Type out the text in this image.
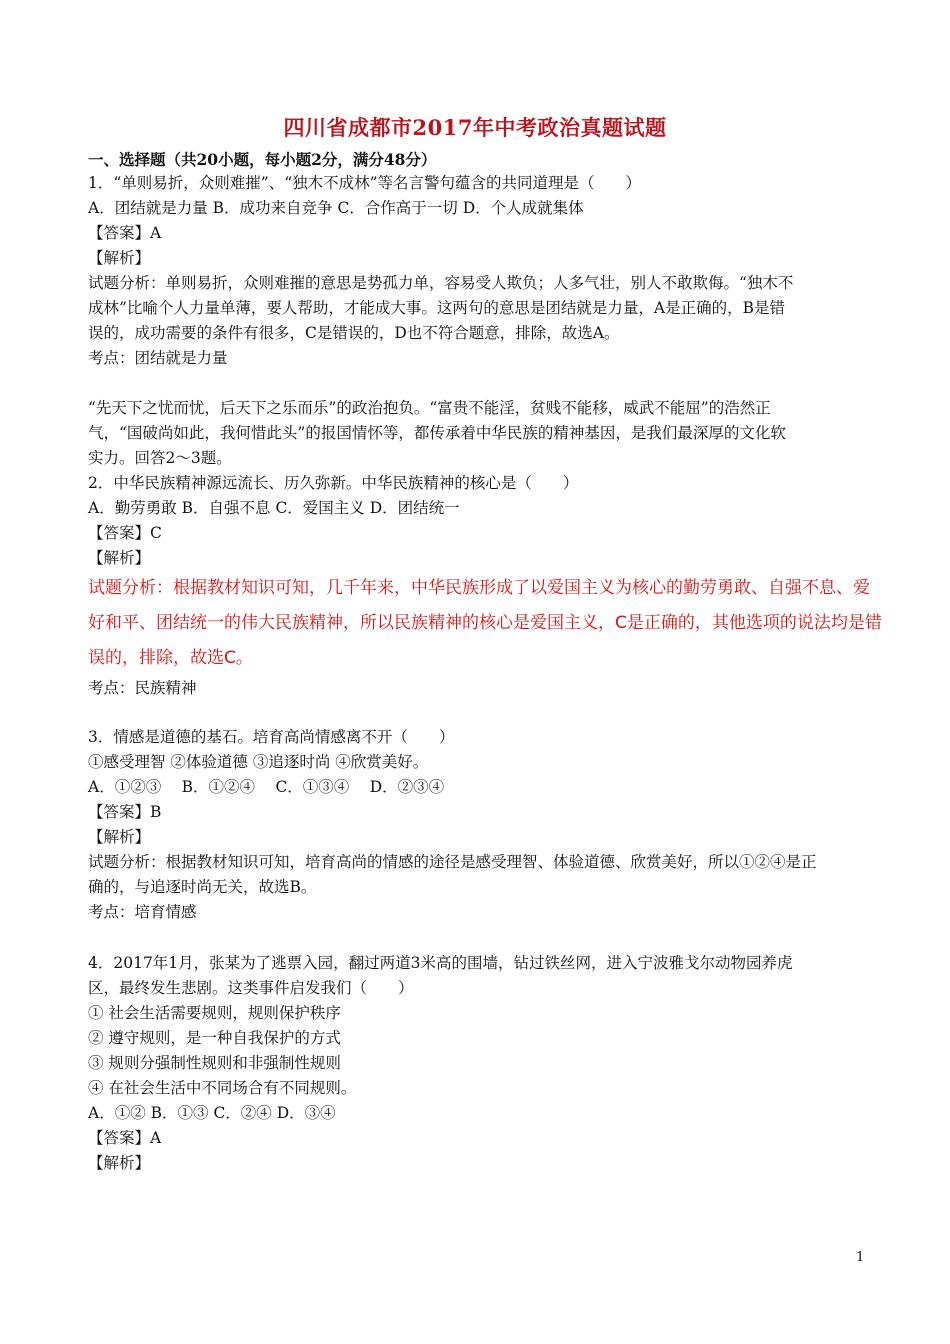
四川省成都市2017年中考政治真题试题
一、选择题（共20小题，每小题2分，满分48分）
1．“单则易折，众则难摧”、“独木不成林”等名言警句蕴含的共同道理是（　　）
A．团结就是力量 B．成功来自竞争 C．合作高于一切 D．个人成就集体
【答案】A
【解析】
试题分析：单则易折，众则难摧的意思是势孤力单，容易受人欺负；人多气壮，别人不敢欺侮。“独木不
成林”比喻个人力量单薄，要人帮助，才能成大事。这两句的意思是团结就是力量，A是正确的，B是错
误的，成功需要的条件有很多，C是错误的，D也不符合题意，排除，故选A。
考点：团结就是力量
“先天下之忧而忧，后天下之乐而乐”的政治抱负。“富贵不能淫，贫贱不能移，威武不能屈”的浩然正
气，“国破尚如此，我何惜此头”的报国情怀等，都传承着中华民族的精神基因，是我们最深厚的文化软
实力。回答2～3题。
2．中华民族精神源远流长、历久弥新。中华民族精神的核心是（　　）
A．勤劳勇敢 B．自强不息 C．爱国主义 D．团结统一
【答案】C
【解析】
试题分析：根据教材知识可知，几千年来，中华民族形成了以爱国主义为核心的勤劳勇敢、自强不息、爱
好和平、团结统一的伟大民族精神，所以民族精神的核心是爱国主义，C是正确的，其他选项的说法均是错
误的，排除，故选C。
考点：民族精神
3．情感是道德的基石。培育高尚情感离不开（　　）
①感受理智 ②体验道德 ③追逐时尚 ④欣赏美好。
A．①②③　 B．①②④　 C．①③④　 D．②③④
【答案】B
【解析】
试题分析：根据教材知识可知，培育高尚的情感的途径是感受理智、体验道德、欣赏美好，所以①②④是正
确的，与追逐时尚无关，故选B。
考点：培育情感
4．2017年1月，张某为了逃票入园，翻过两道3米高的围墙，钻过铁丝网，进入宁波雅戈尔动物园养虎
区，最终发生悲剧。这类事件启发我们（　　）
① 社会生活需要规则，规则保护秩序
② 遵守规则，是一种自我保护的方式
③ 规则分强制性规则和非强制性规则
④ 在社会生活中不同场合有不同规则。
A．①② B．①③ C．②④ D．③④
【答案】A
【解析】
1
